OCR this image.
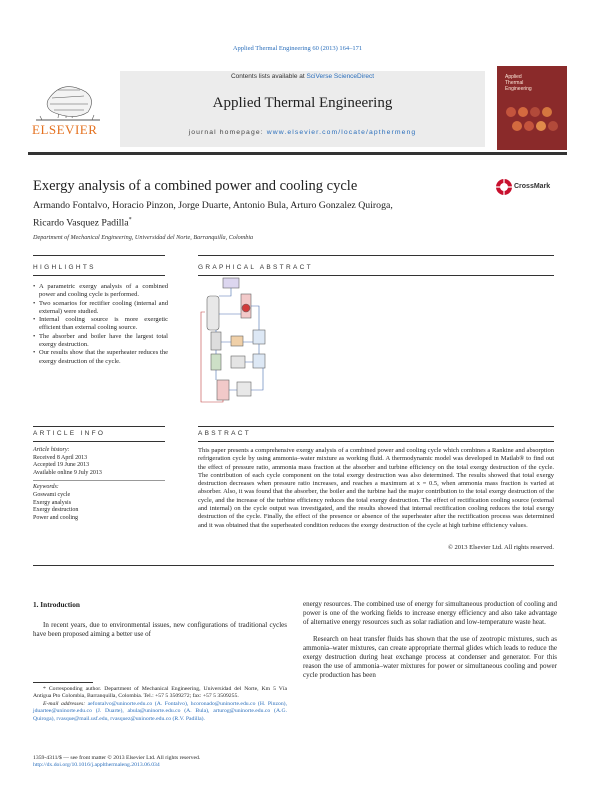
Applied Thermal Engineering 60 (2013) 164–171
Contents lists available at SciVerse ScienceDirect
Applied Thermal Engineering
journal homepage: www.elsevier.com/locate/apthermeng
ELSEVIER
Applied
Thermal
Engineering
Exergy analysis of a combined power and cooling cycle	CrossMark
Armando Fontalvo, Horacio Pinzon, Jorge Duarte, Antonio Bula, Arturo Gonzalez Quiroga,
Ricardo Vasquez Padilla*
Department of Mechanical Engineering, Universidad del Norte, Barranquilla, Colombia
HIGHLIGHTS	GRAPHICAL ABSTRACT
• A parametric exergy analysis of a combined power and cooling cycle is performed.
• Two scenarios for rectifier cooling (internal and external) were studied.
• Internal cooling source is more exergetic efficient than external cooling source.
• The absorber and boiler have the largest total exergy destruction.
• Our results show that the superheater reduces the exergy destruction of the cycle.
ARTICLE INFO	ABSTRACT
Article history:
Received 8 April 2013
Accepted 19 June 2013
Available online 9 July 2013
Keywords:
Goswami cycle
Exergy analysis
Exergy destruction
Power and cooling
This paper presents a comprehensive exergy analysis of a combined power and cooling cycle which combines a Rankine and absorption refrigeration cycle by using ammonia–water mixture as working fluid. A thermodynamic model was developed in Matlab® to find out the effect of pressure ratio, ammonia mass fraction at the absorber and turbine efficiency on the total exergy destruction of the cycle. The contribution of each cycle component on the total exergy destruction was also determined. The results showed that total exergy destruction decreases when pressure ratio increases, and reaches a maximum at x = 0.5, when ammonia mass fraction is varied at absorber. Also, it was found that the absorber, the boiler and the turbine had the major contribution to the total exergy destruction of the cycle, and the increase of the turbine efficiency reduces the total exergy destruction. The effect of rectification cooling source (external and internal) on the cycle output was investigated, and the results showed that internal rectification cooling reduces the total exergy destruction of the cycle. Finally, the effect of the presence or absence of the superheater after the rectification process was determined and it was obtained that the superheated condition reduces the exergy destruction of the cycle at high turbine efficiency values.
© 2013 Elsevier Ltd. All rights reserved.
1. Introduction
In recent years, due to environmental issues, new configurations of traditional cycles have been proposed aiming a better use of
* Corresponding author. Department of Mechanical Engineering, Universidad del Norte, Km 5 Vía Antigua Pto Colombia, Barranquilla, Colombia. Tel.: +57 5 3509272; fax: +57 5 3509255.
E-mail addresses: aefontalvo@uninorte.edu.co (A. Fontalvo), hcoronado@uninorte.edu.co (H. Pinzon), jduartee@uninorte.edu.co (J. Duarte), abula@uninorte.edu.co (A. Bula), arturog@uninorte.edu.co (A.G. Quiroga), rvasque@mail.usf.edu, rvasquez@uninorte.edu.co (R.V. Padilla).
1359-4311/$ — see front matter © 2013 Elsevier Ltd. All rights reserved.
http://dx.doi.org/10.1016/j.applthermaleng.2013.06.034
energy resources. The combined use of energy for simultaneous production of cooling and power is one of the working fields to increase energy efficiency and also take advantage of alternative energy resources such as solar radiation and low-temperature waste heat.
Research on heat transfer fluids has shown that the use of zeotropic mixtures, such as ammonia–water mixtures, can create appropriate thermal glides which leads to reduce the exergy destruction during heat exchange process at condenser and generator. For this reason the use of ammonia–water mixtures for power or simultaneous cooling and power cycle production has been
